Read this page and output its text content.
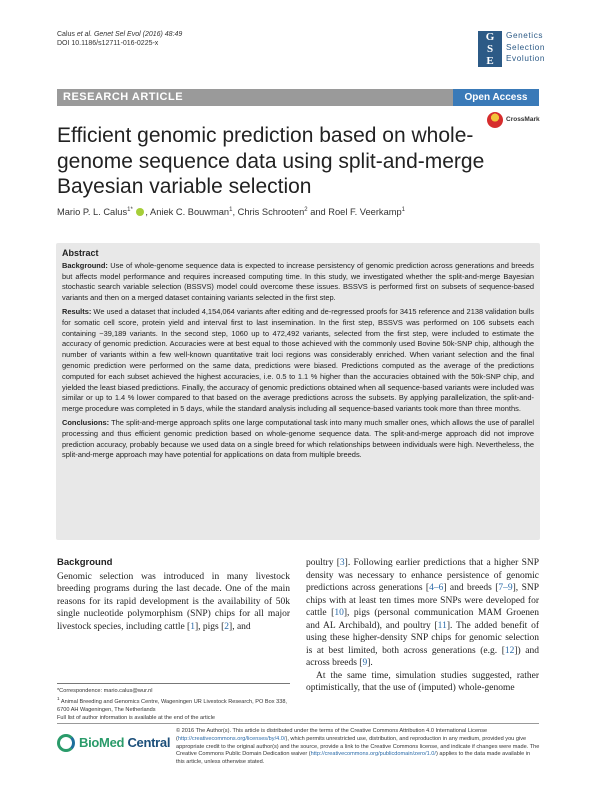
Calus et al. Genet Sel Evol (2016) 48:49
DOI 10.1186/s12711-016-0225-x
G
S
E
Genetics
Selection
Evolution
RESEARCH ARTICLE	Open Access
CrossMark
Efficient genomic prediction based on whole-genome sequence data using split-and-merge Bayesian variable selection
Mario P. L. Calus$^{1*}$ , Aniek C. Bouwman$^1$, Chris Schrooten$^2$ and Roel F. Veerkamp$^1$
Abstract

Background: Use of whole-genome sequence data is expected to increase persistency of genomic prediction across generations and breeds but affects model performance and requires increased computing time. In this study, we investigated whether the split-and-merge Bayesian stochastic search variable selection (BSSVS) model could overcome these issues. BSSVS is performed first on subsets of sequence-based variants and then on a merged dataset containing variants selected in the first step.

Results: We used a dataset that included 4,154,064 variants after editing and de-regressed proofs for 3415 reference and 2138 validation bulls for somatic cell score, protein yield and interval first to last insemination. In the first step, BSSVS was performed on 106 subsets each containing ~39,189 variants. In the second step, 1060 up to 472,492 variants, selected from the first step, were included to estimate the accuracy of genomic prediction. Accuracies were at best equal to those achieved with the commonly used Bovine 50k-SNP chip, although the number of variants within a few well-known quantitative trait loci regions was considerably enriched. When variant selection and the final genomic prediction were performed on the same data, predictions were biased. Predictions computed as the average of the predictions computed for each subset achieved the highest accuracies, i.e. 0.5 to 1.1 % higher than the accuracies obtained with the 50k-SNP chip, and yielded the least biased predictions. Finally, the accuracy of genomic predictions obtained when all sequence-based variants were included was similar or up to 1.4 % lower compared to that based on the average predictions across the subsets. By applying parallelization, the split-and-merge procedure was completed in 5 days, while the standard analysis including all sequence-based variants took more than three months.

Conclusions: The split-and-merge approach splits one large computational task into many much smaller ones, which allows the use of parallel processing and thus efficient genomic prediction based on whole-genome sequence data. The split-and-merge approach did not improve prediction accuracy, probably because we used data on a single breed for which relationships between individuals were high. Nevertheless, the split-and-merge approach may have potential for applications on data from multiple breeds.

Background

Genomic selection was introduced in many livestock breeding programs during the last decade. One of the main reasons for its rapid development is the availability of 50k single nucleotide polymorphism (SNP) chips for all major livestock species, including cattle [1], pigs [2], and

poultry [3]. Following earlier predictions that a higher SNP density was necessary to enhance persistence of genomic predictions across generations [4–6] and breeds [7–9], SNP chips with at least ten times more SNPs were developed for cattle [10], pigs (personal communication MAM Groenen and AL Archibald), and poultry [11]. The added benefit of using these higher-density SNP chips for genomic selection is at best limited, both across generations (e.g. [12]) and across breeds [9].

At the same time, simulation studies suggested, rather optimistically, that the use of (imputed) whole-genome

*Correspondence: mario.calus@wur.nl
$^1$ Animal Breeding and Genomics Centre, Wageningen UR Livestock Research, PO Box 338, 6700 AH Wageningen, The Netherlands
Full list of author information is available at the end of the article
BioMed Central
© 2016 The Author(s). This article is distributed under the terms of the Creative Commons Attribution 4.0 International License (http://creativecommons.org/licenses/by/4.0/), which permits unrestricted use, distribution, and reproduction in any medium, provided you give appropriate credit to the original author(s) and the source, provide a link to the Creative Commons license, and indicate if changes were made. The Creative Commons Public Domain Dedication waiver (http://creativecommons.org/publicdomain/zero/1.0/) applies to the data made available in this article, unless otherwise stated.
